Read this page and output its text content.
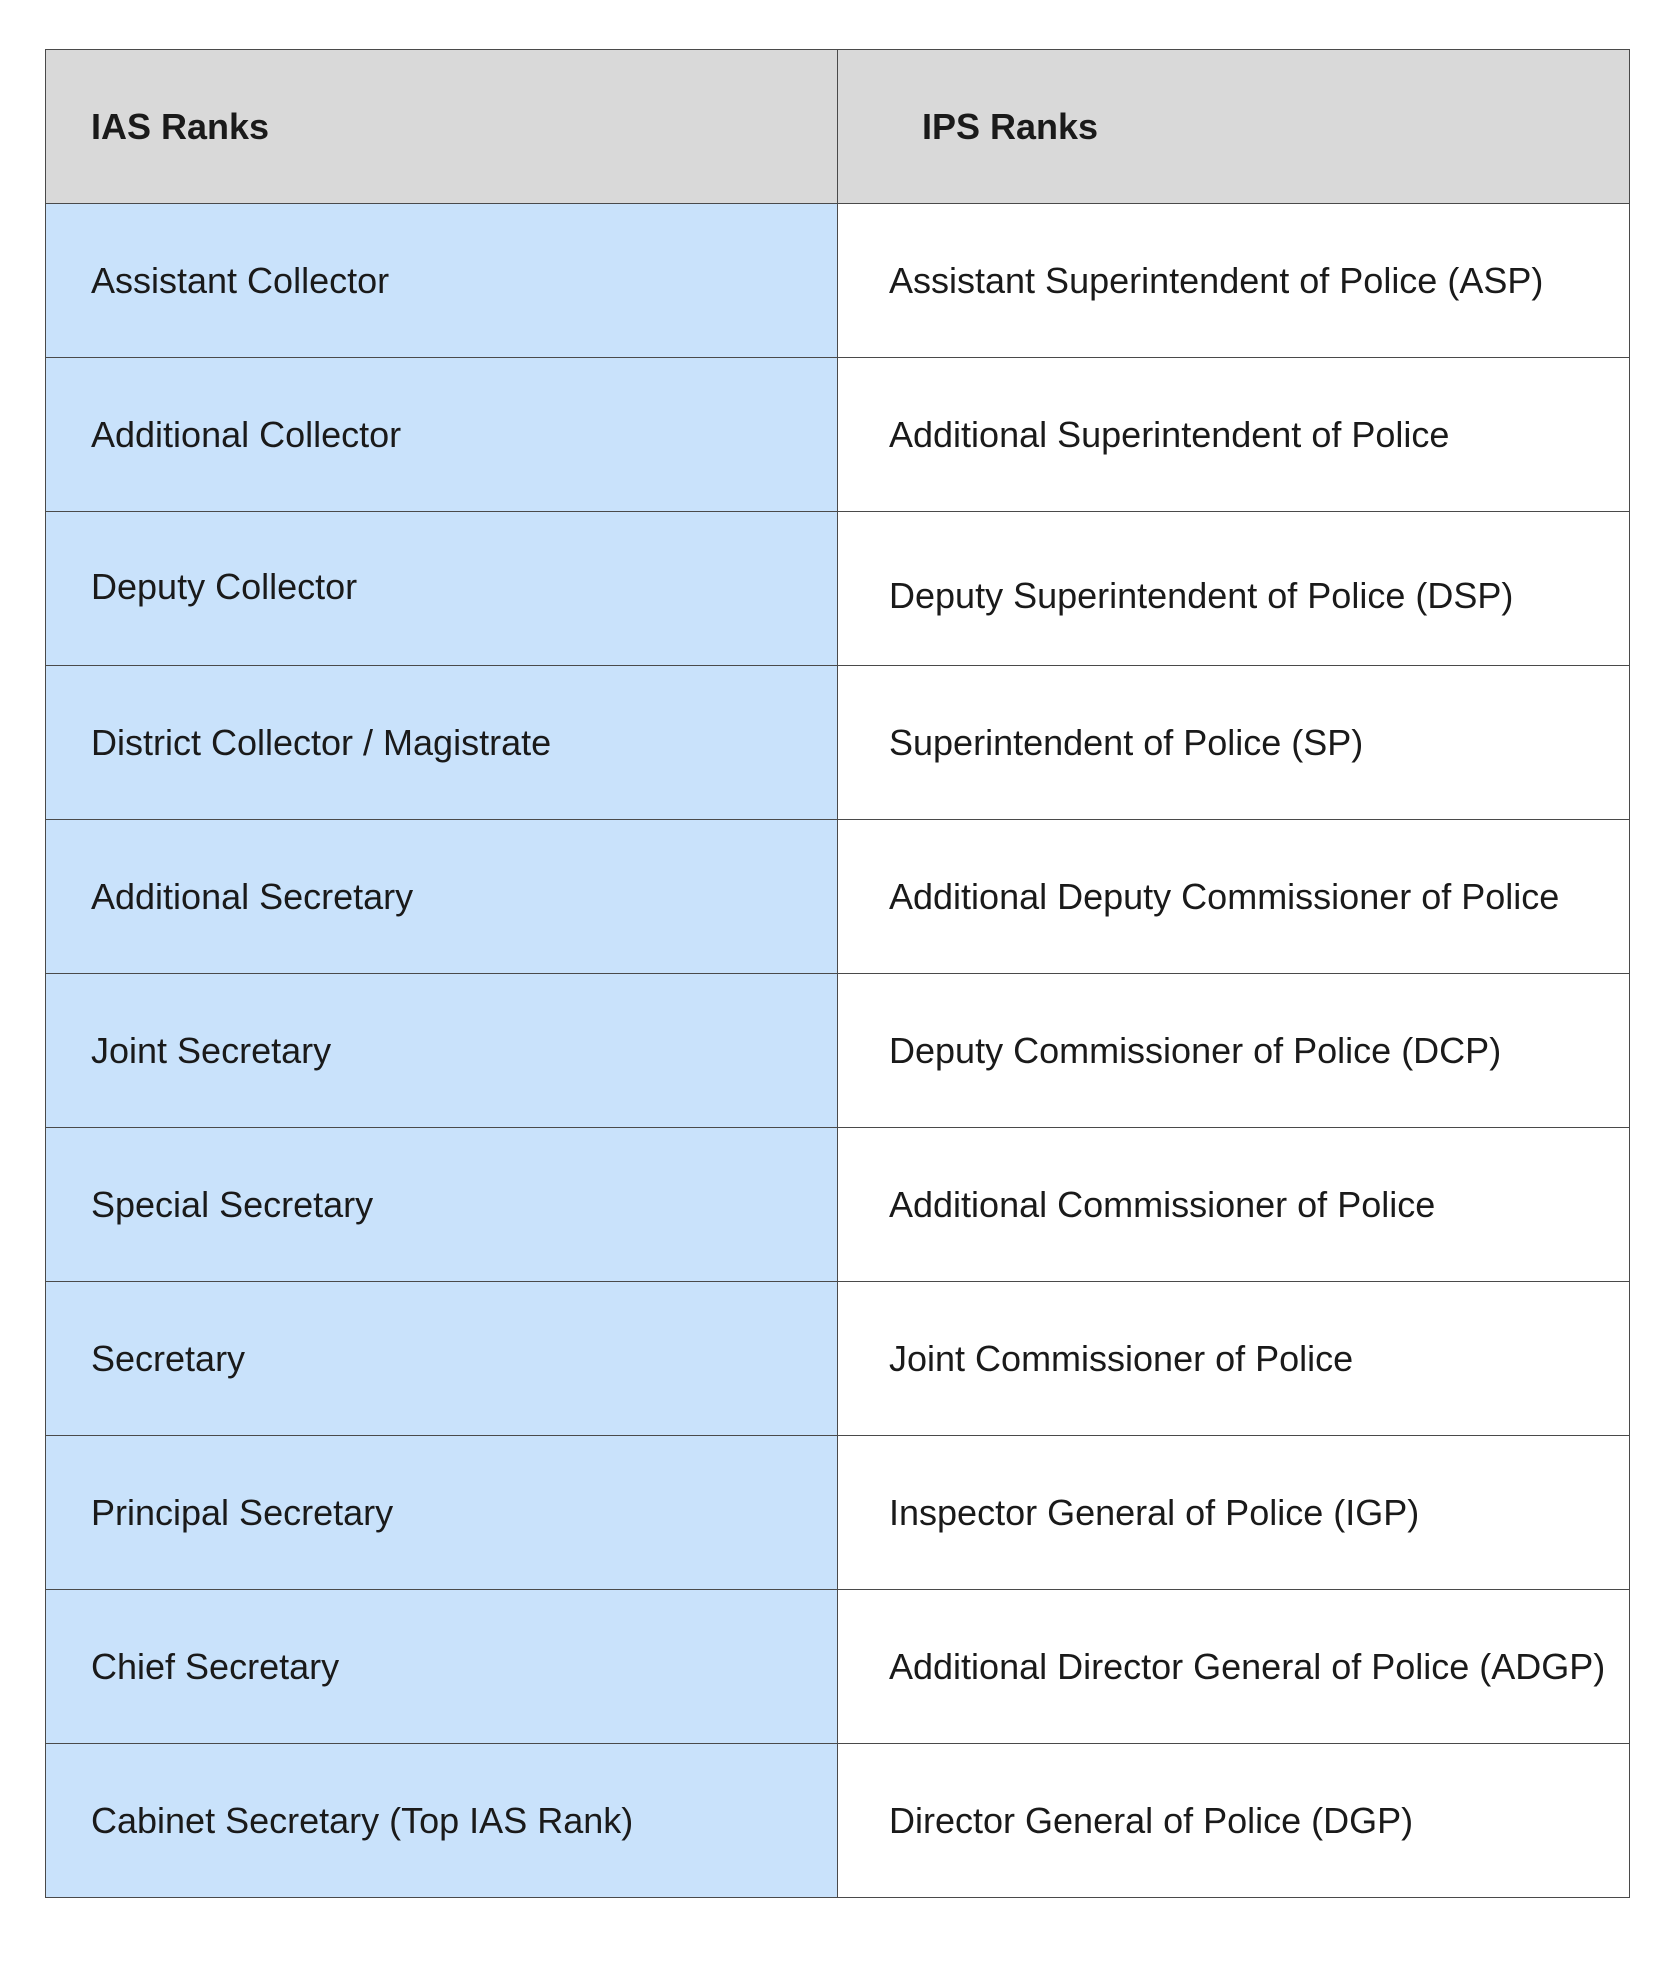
IAS Ranks	IPS Ranks
Assistant Collector	Assistant Superintendent of Police (ASP)
Additional Collector	Additional Superintendent of Police
Deputy Collector	Deputy Superintendent of Police (DSP)
District Collector / Magistrate	Superintendent of Police (SP)
Additional Secretary	Additional Deputy Commissioner of Police
Joint Secretary	Deputy Commissioner of Police (DCP)
Special Secretary	Additional Commissioner of Police
Secretary	Joint Commissioner of Police
Principal Secretary	Inspector General of Police (IGP)
Chief Secretary	Additional Director General of Police (ADGP)
Cabinet Secretary (Top IAS Rank)	Director General of Police (DGP)
